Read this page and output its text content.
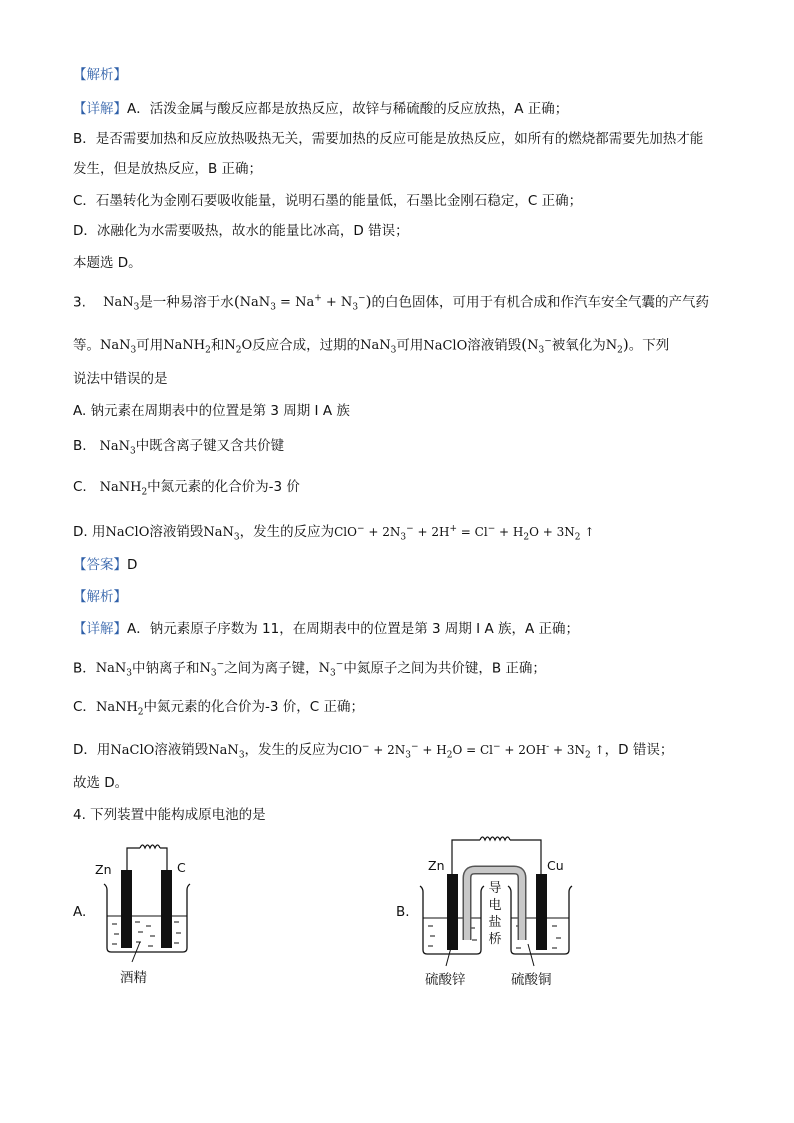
【解析】
【详解】A．活泼金属与酸反应都是放热反应，故锌与稀硫酸的反应放热，A 正确；
B．是否需要加热和反应放热吸热无关，需要加热的反应可能是放热反应，如所有的燃烧都需要先加热才能
发生，但是放热反应，B 正确；
C．石墨转化为金刚石要吸收能量，说明石墨的能量低，石墨比金刚石稳定，C 正确；
D．冰融化为水需要吸热，故水的能量比冰高，D 错误；
本题选 D。
3. NaN$_3$是一种易溶于水$(NaN_3 = Na^+ + N_3^-)$的白色固体，可用于有机合成和作汽车安全气囊的产气药
等。NaN$_3$可用NaNH$_2$和$N_2O$反应合成，过期的NaN$_3$可用NaClO溶液销毁($N_3^-$被氧化为$N_2$)。下列
说法中错误的是
A. 钠元素在周期表中的位置是第 3 周期 I A 族
B. NaN$_3$中既含离子键又含共价键
C. NaNH$_2$中氮元素的化合价为-3 价
D. 用NaClO溶液销毁NaN$_3$，发生的反应为$ClO^- + 2N_3^- + 2H^+ = Cl^- + H_2O + 3N_2$ ↑
【答案】D
【解析】
【详解】A．钠元素原子序数为 11，在周期表中的位置是第 3 周期 I A 族，A 正确；
B．NaN$_3$中钠离子和$N_3^-$之间为离子键，$N_3^-$中氮原子之间为共价键，B 正确；
C．NaNH$_2$中氮元素的化合价为-3 价，C 正确；
D．用NaClO溶液销毁NaN$_3$，发生的反应为$ClO^- + 2N_3^- + H_2O = Cl^- + 2OH^- + 3N_2$ ↑，D 错误；
故选 D。
4. 下列装置中能构成原电池的是
A.
Zn	C
酒精
B.
Zn	Cu
导
电
盐
桥
硫酸锌	硫酸铜
